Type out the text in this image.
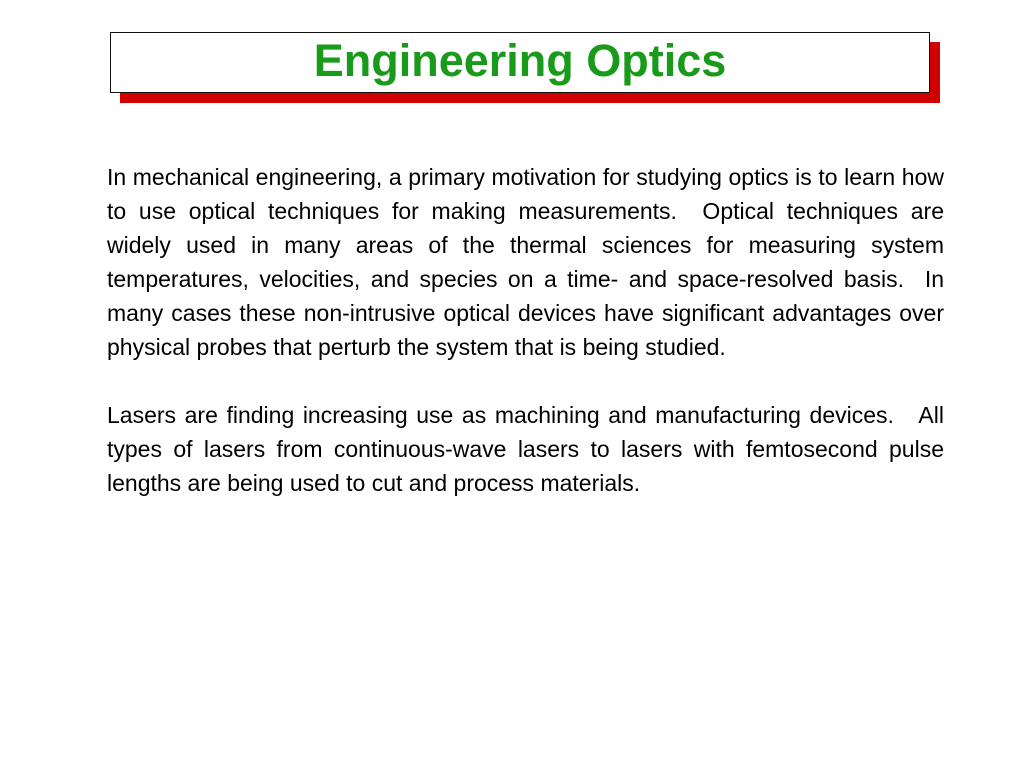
Engineering Optics

In mechanical engineering, a primary motivation for studying optics is to learn how to use optical techniques for making measurements.  Optical techniques are widely used in many areas of the thermal sciences for measuring system temperatures, velocities, and species on a time- and space-resolved basis.  In many cases these non-intrusive optical devices have significant advantages over physical probes that perturb the system that is being studied.

Lasers are finding increasing use as machining and manufacturing devices.   All types of lasers from continuous-wave lasers to lasers with femtosecond pulse lengths are being used to cut and process materials.
